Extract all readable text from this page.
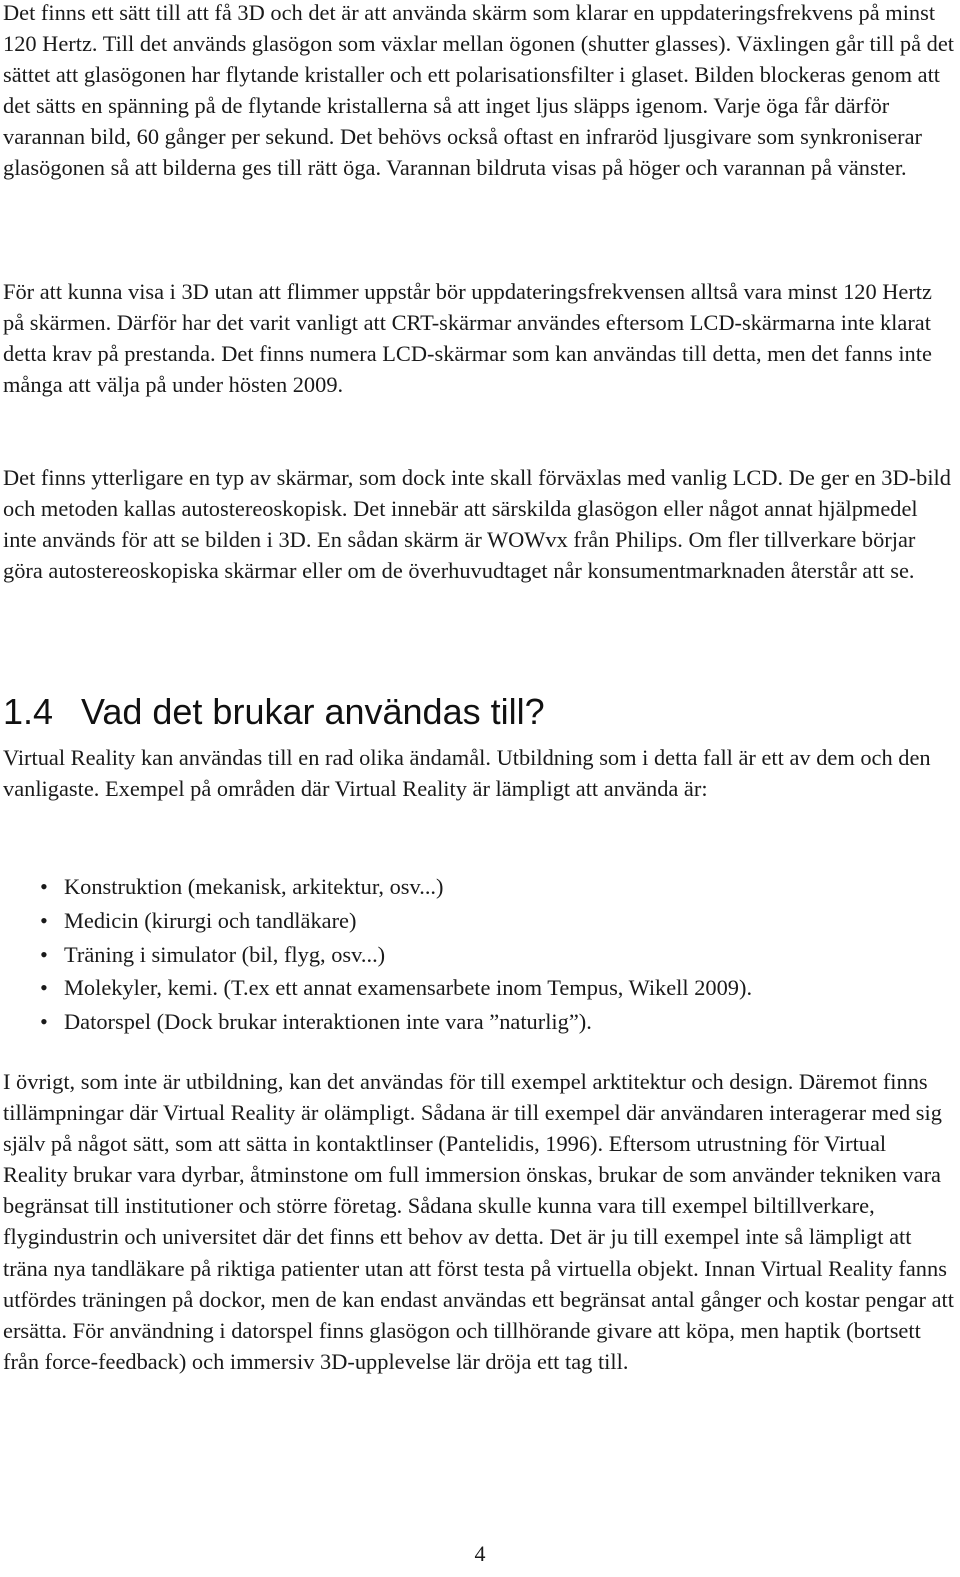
Det finns ett sätt till att få 3D och det är att använda skärm som klarar en uppdateringsfrekvens på minst 120 Hertz. Till det används glasögon som växlar mellan ögonen (shutter glasses). Växlingen går till på det sättet att glasögonen har flytande kristaller och ett polarisationsfilter i glaset. Bilden blockeras genom att det sätts en spänning på de flytande kristallerna så att inget ljus släpps igenom. Varje öga får därför varannan bild, 60 gånger per sekund. Det behövs också oftast en infraröd ljusgivare som synkroniserar glasögonen så att bilderna ges till rätt öga. Varannan bildruta visas på höger och varannan på vänster.

För att kunna visa i 3D utan att flimmer uppstår bör uppdateringsfrekvensen alltså vara minst 120 Hertz på skärmen. Därför har det varit vanligt att CRT-skärmar användes eftersom LCD-skärmarna inte klarat detta krav på prestanda. Det finns numera LCD-skärmar som kan användas till detta, men det fanns inte många att välja på under hösten 2009.

Det finns ytterligare en typ av skärmar, som dock inte skall förväxlas med vanlig LCD. De ger en 3D-bild och metoden kallas autostereoskopisk. Det innebär att särskilda glasögon eller något annat hjälpmedel inte används för att se bilden i 3D. En sådan skärm är WOWvx från Philips. Om fler tillverkare börjar göra autostereoskopiska skärmar eller om de överhuvudtaget når konsumentmarknaden återstår att se.

1.4 Vad det brukar användas till?

Virtual Reality kan användas till en rad olika ändamål. Utbildning som i detta fall är ett av dem och den vanligaste. Exempel på områden där Virtual Reality är lämpligt att använda är:

• Konstruktion (mekanisk, arkitektur, osv...)
• Medicin (kirurgi och tandläkare)
• Träning i simulator (bil, flyg, osv...)
• Molekyler, kemi. (T.ex ett annat examensarbete inom Tempus, Wikell 2009).
• Datorspel (Dock brukar interaktionen inte vara ”naturlig”).

I övrigt, som inte är utbildning, kan det användas för till exempel arktitektur och design. Däremot finns tillämpningar där Virtual Reality är olämpligt. Sådana är till exempel där användaren interagerar med sig själv på något sätt, som att sätta in kontaktlinser (Pantelidis, 1996). Eftersom utrustning för Virtual Reality brukar vara dyrbar, åtminstone om full immersion önskas, brukar de som använder tekniken vara begränsat till institutioner och större företag. Sådana skulle kunna vara till exempel biltillverkare, flygindustrin och universitet där det finns ett behov av detta. Det är ju till exempel inte så lämpligt att träna nya tandläkare på riktiga patienter utan att först testa på virtuella objekt. Innan Virtual Reality fanns utfördes träningen på dockor, men de kan endast användas ett begränsat antal gånger och kostar pengar att ersätta. För användning i datorspel finns glasögon och tillhörande givare att köpa, men haptik (bortsett från force-feedback) och immersiv 3D-upplevelse lär dröja ett tag till.

4
